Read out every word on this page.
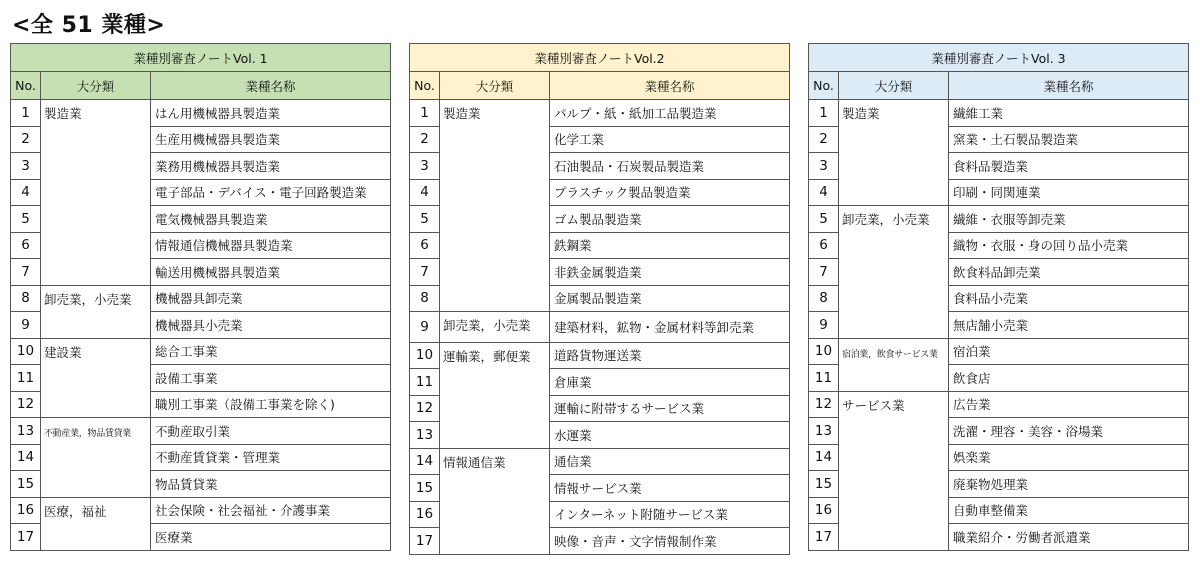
<全 51 業種>
業種別審査ノートVol. 1		
No.	大分類	業種名称
1	製造業	はん用機械器具製造業
2		生産用機械器具製造業
3		業務用機械器具製造業
4		電子部品・デバイス・電子回路製造業
5		電気機械器具製造業
6		情報通信機械器具製造業
7		輸送用機械器具製造業
8	卸売業，小売業	機械器具卸売業
9		機械器具小売業
10	建設業	総合工事業
11		設備工事業
12		職別工事業（設備工事業を除く)
13	不動産業，物品賃貸業	不動産取引業
14		不動産賃貸業・管理業
15		物品賃貸業
16	医療，福祉	社会保険・社会福祉・介護事業
17		医療業
業種別審査ノートVol.2		
No.	大分類	業種名称
1	製造業	パルプ・紙・紙加工品製造業
2		化学工業
3		石油製品・石炭製品製造業
4		プラスチック製品製造業
5		ゴム製品製造業
6		鉄鋼業
7		非鉄金属製造業
8		金属製品製造業
9	卸売業，小売業	建築材料，鉱物・金属材料等卸売業
10	運輸業，郵便業	道路貨物運送業
11		倉庫業
12		運輸に附帯するサービス業
13		水運業
14	情報通信業	通信業
15		情報サービス業
16		インターネット附随サービス業
17		映像・音声・文字情報制作業
業種別審査ノートVol. 3		
No.	大分類	業種名称
1	製造業	繊維工業
2		窯業・土石製品製造業
3		食料品製造業
4		印刷・同関連業
5	卸売業，小売業	繊維・衣服等卸売業
6		織物・衣服・身の回り品小売業
7		飲食料品卸売業
8		食料品小売業
9		無店舗小売業
10	宿泊業，飲食サービス業	宿泊業
11		飲食店
12	サービス業	広告業
13		洗濯・理容・美容・浴場業
14		娯楽業
15		廃棄物処理業
16		自動車整備業
17		職業紹介・労働者派遣業
